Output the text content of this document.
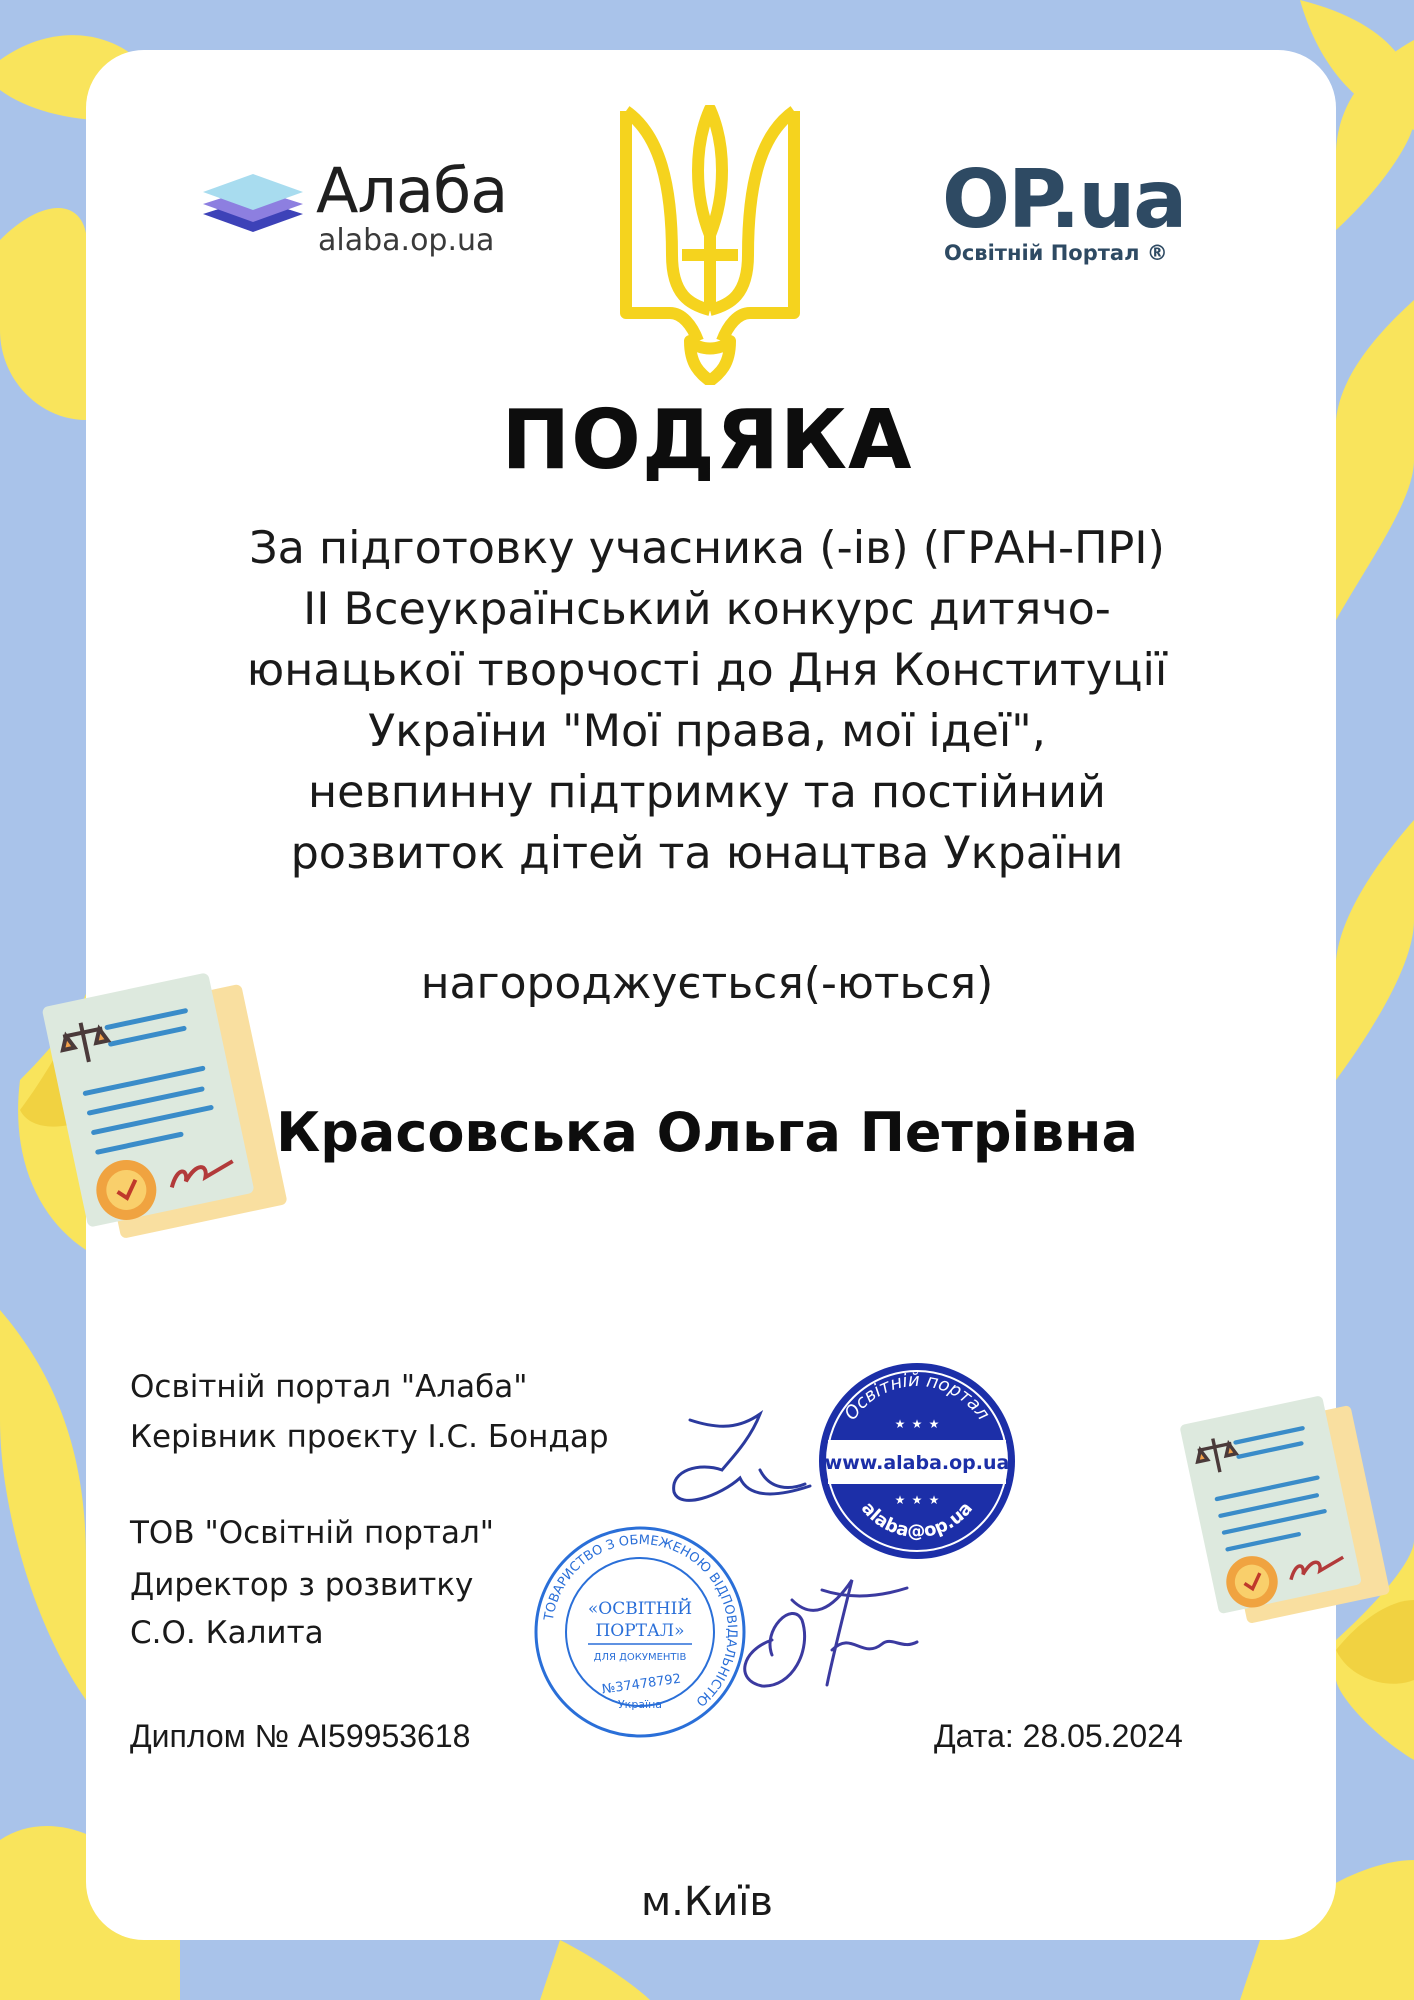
Алаба
alaba.op.ua	OP.ua
Освітній Портал ®
ПОДЯКА
За підготовку учасника (-ів) (ГРАН-ПРІ)
ІІ Всеукраїнський конкурс дитячо-
юнацької творчості до Дня Конституції
України "Мої права, мої ідеї",
невпинну підтримку та постійний
розвиток дітей та юнацтва України
нагороджується(-ються)
Красовська Ольга Петрівна
Освітній портал "Алаба"
Керівник проєкту І.С. Бондар
ТОВ "Освітній портал"
Директор з розвитку
С.О. Калита
Освітній портал
www.alaba.op.ua
alaba@op.ua
★ ★ ★
★ ★ ★
ТОВАРИСТВО З ОБМЕЖЕНОЮ ВІДПОВІДАЛЬНІСТЮ
«ОСВІТНІЙ
ПОРТАЛ»
ДЛЯ ДОКУМЕНТІВ
№37478792
Україна
Диплом № AI59953618	Дата: 28.05.2024
м.Київ
